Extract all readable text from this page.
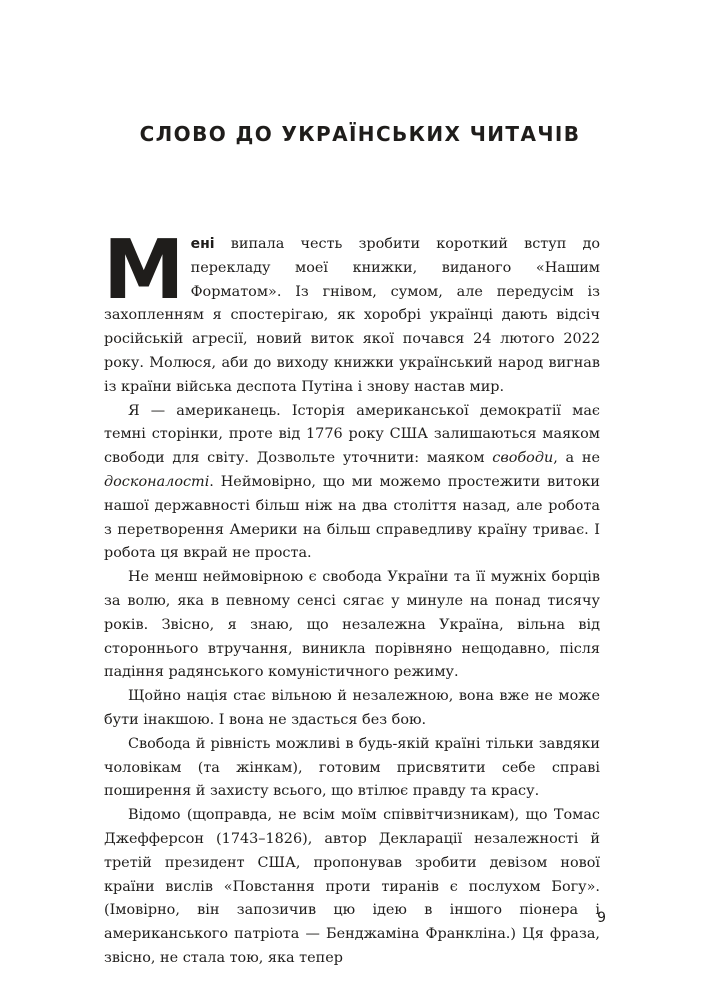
СЛОВО ДО УКРАЇНСЬКИХ ЧИТАЧІВ

Мені випала честь зробити короткий вступ до перекладу моеї книжки, виданого «Нашим Форматом». Із гнівом, сумом, але передусім із захопленням я спостерігаю, як хоробрі українці дають відсіч російській агресії, новий виток якої почався 24 лютого 2022 року. Молюся, аби до виходу книжки український народ вигнав із країни війська деспота Путіна і знову настав мир.

Я — американець. Історія американської демократії має темні сторінки, проте від 1776 року США залишаються маяком свободи для світу. Дозвольте уточнити: маяком свободи, а не досконалості. Неймовірно, що ми можемо простежити витоки нашої державності більш ніж на два століття назад, але робота з перетворення Америки на більш справедливу країну триває. І робота ця вкрай не проста.

Не менш неймовірною є свобода України та її мужніх борців за волю, яка в певному сенсі сягає у минуле на понад тисячу років. Звісно, я знаю, що незалежна Україна, вільна від стороннього втручання, виникла порівняно нещодавно, після падіння радянського комуністичного режиму.

Щойно нація стає вільною й незалежною, вона вже не може бути інакшою. І вона не здасться без бою.

Свобода й рівність можливі в будь-якій країні тільки завдяки чоловікам (та жінкам), готовим присвятити себе справі поширення й захисту всього, що втілює правду та красу.

Відомо (щоправда, не всім моїм співвітчизникам), що Томас Джефферсон (1743–1826), автор Декларації незалежності й третій президент США, пропонував зробити девізом нової країни вислів «Повстання проти тиранів є послухом Богу». (Імовірно, він запозичив цю ідею в іншого піонера і американського патріота — Бенджаміна Франкліна.) Ця фраза, звісно, не стала тою, яка тепер

9
